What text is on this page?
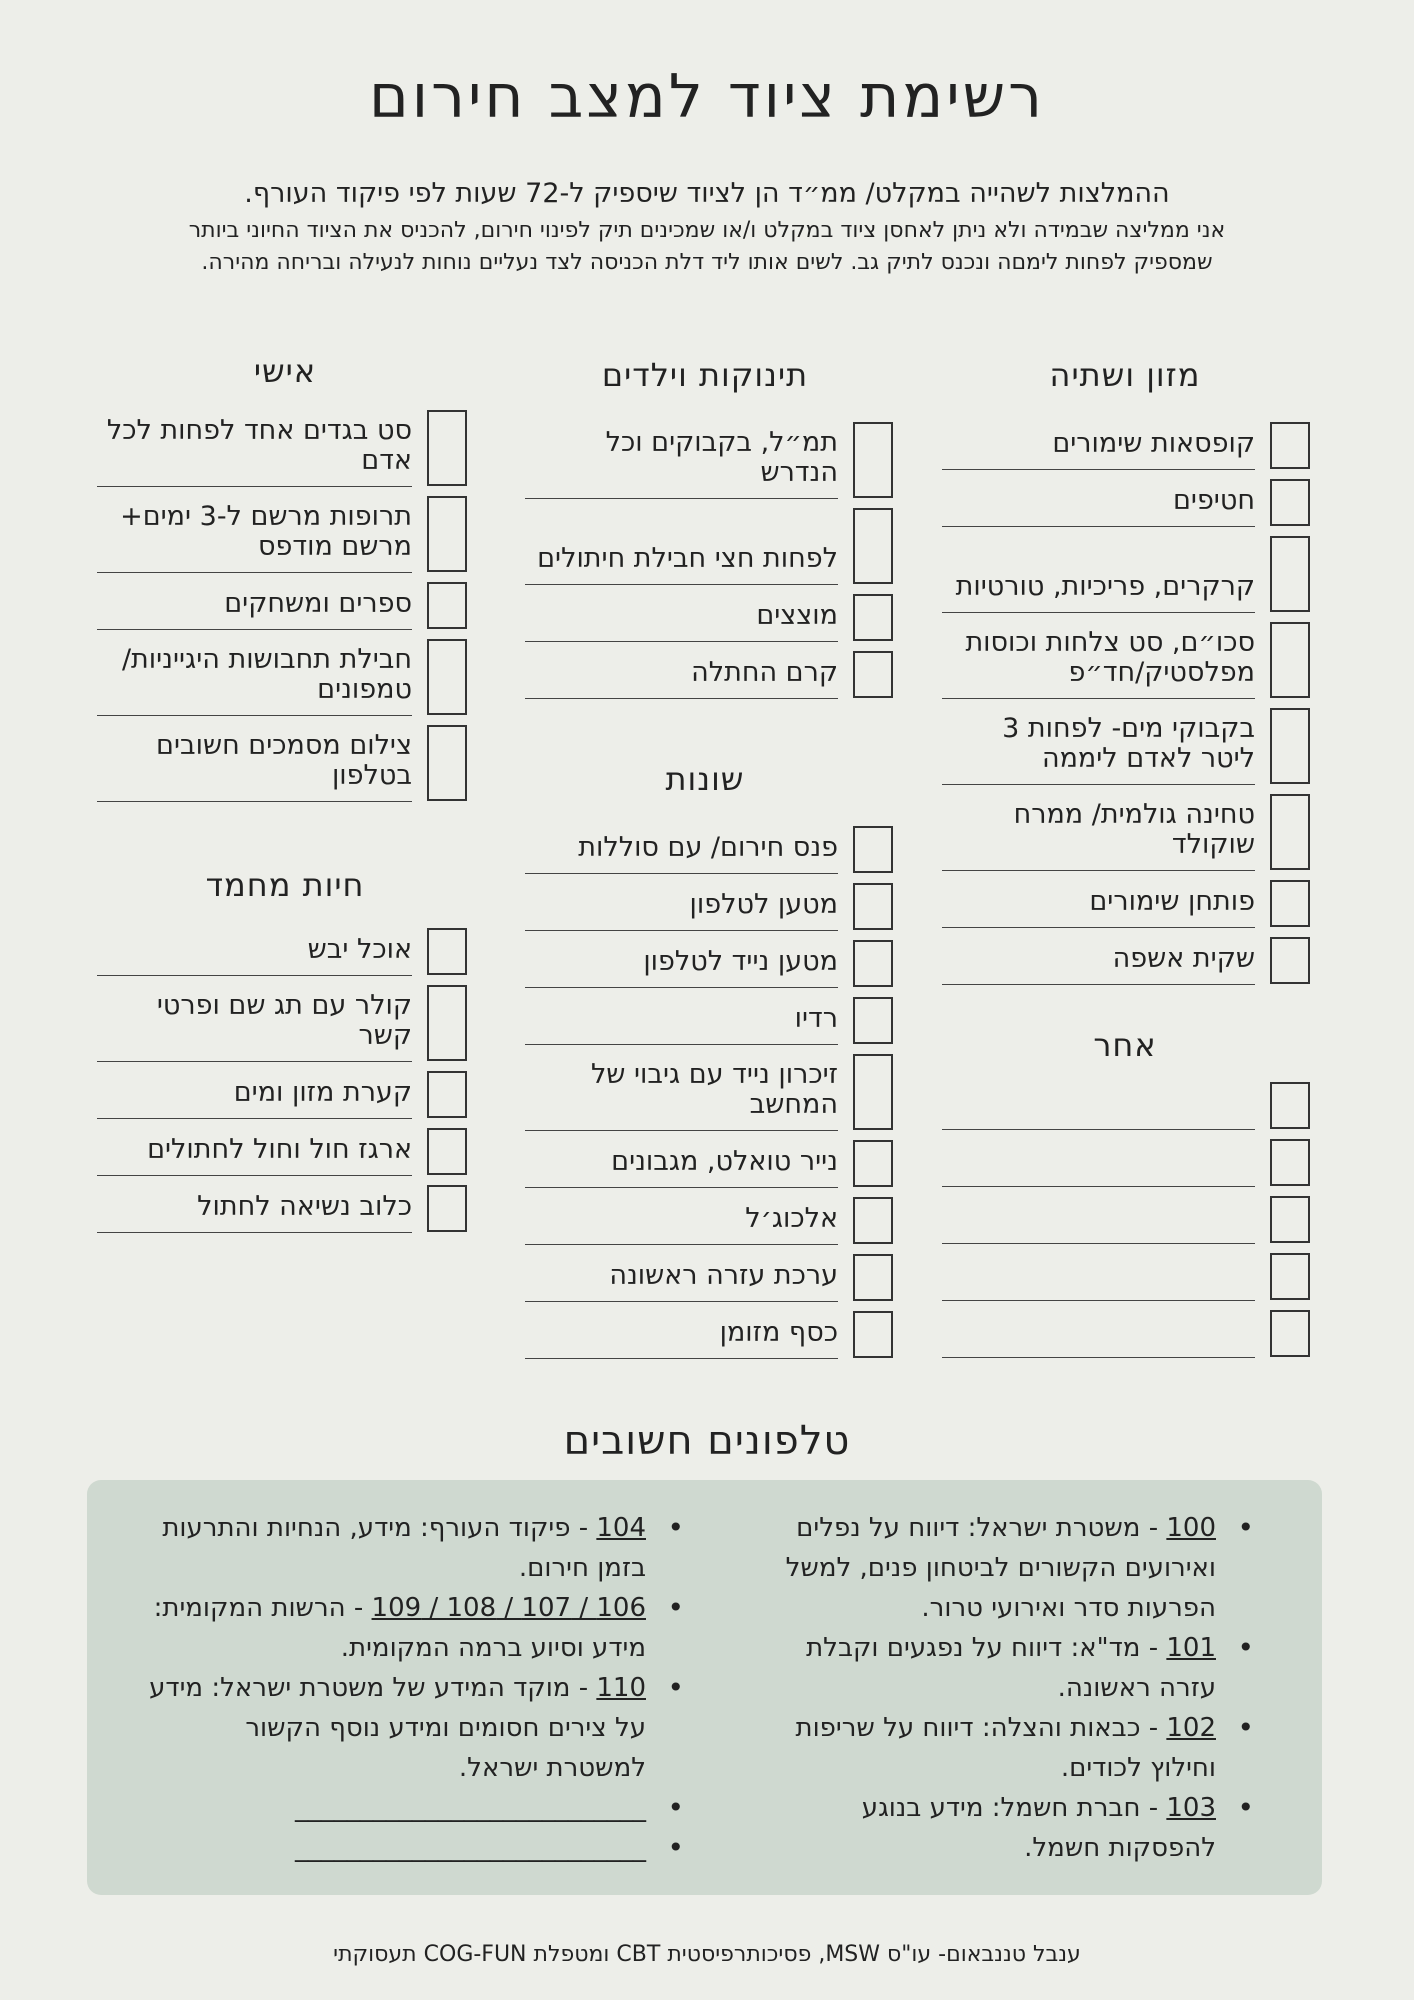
רשימת ציוד למצב חירום
ההמלצות לשהייה במקלט/ ממ״ד הן לציוד שיספיק ל-72 שעות לפי פיקוד העורף.
אני ממליצה שבמידה ולא ניתן לאחסן ציוד במקלט ו/או שמכינים תיק לפינוי חירום, להכניס את הציוד החיוני ביותר
שמספיק לפחות לימםה ונכנס לתיק גב. לשים אותו ליד דלת הכניסה לצד נעליים נוחות לנעילה ובריחה מהירה.
מזון ושתיה
תינוקות וילדים
אישי
שונות
חיות מחמד
אחר
קופסאות שימורים
חטיפים
קרקרים, פריכיות, טורטיות
סכו״ם, סט צלחות וכוסות מפלסטיק/חד״פ
בקבוקי מים- לפחות 3 ליטר לאדם ליממה
טחינה גולמית/ ממרח שוקולד
פותחן שימורים
שקית אשפה
תמ״ל, בקבוקים וכל הנדרש
לפחות חצי חבילת חיתולים
מוצצים
קרם החתלה
סט בגדים אחד לפחות לכל אדם
תרופות מרשם ל-3 ימים+ מרשם מודפס
ספרים ומשחקים
חבילת תחבושות היגייניות/ טמפונים
צילום מסמכים חשובים בטלפון
פנס חירום/ עם סוללות
מטען לטלפון
מטען נייד לטלפון
רדיו
זיכרון נייד עם גיבוי של המחשב
נייר טואלט, מגבונים
אלכוג׳ל
ערכת עזרה ראשונה
כסף מזומן
אוכל יבש
קולר עם תג שם ופרטי קשר
קערת מזון ומים
ארגז חול וחול לחתולים
כלוב נשיאה לחתול
טלפונים חשובים
• 100 - משטרת ישראל: דיווח על נפלים ואירועים הקשורים לביטחון פנים, למשל הפרעות סדר ואירועי טרור.
• 101 - מד"א: דיווח על נפגעים וקבלת עזרה ראשונה.
• 102 - כבאות והצלה: דיווח על שריפות וחילוץ לכודים.
• 103 - חברת חשמל: מידע בנוגע להפסקות חשמל.
• 104 - פיקוד העורף: מידע, הנחיות והתרעות בזמן חירום.
• 106 / 107 / 108 / 109 - הרשות המקומית: מידע וסיוע ברמה המקומית.
• 110 - מוקד המידע של משטרת ישראל: מידע על צירים חסומים ומידע נוסף הקשור למשטרת ישראל.
• ___________________________
• ___________________________
ענבל טננבאום- עו"ס MSW, פסיכותרפיסטית CBT ומטפלת COG-FUN תעסוקתי
